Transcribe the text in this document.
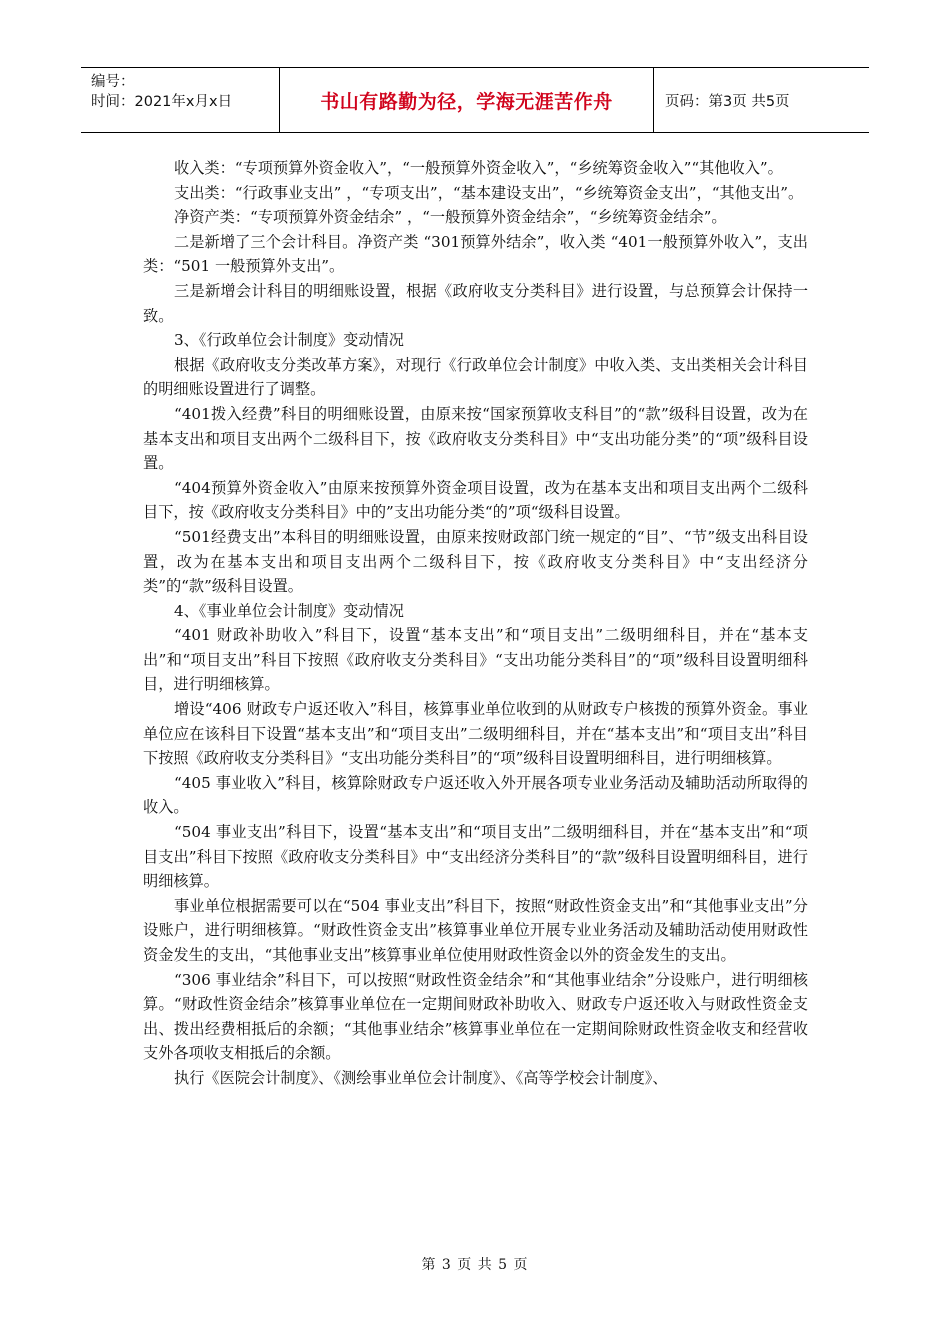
编号：
时间：2021年x月x日	书山有路勤为径，学海无涯苦作舟	页码：第3页 共5页

收入类：“专项预算外资金收入”，“一般预算外资金收入”，“乡统筹资金收入”“其他收入”。

支出类：“行政事业支出” ，“专项支出”，“基本建设支出”，“乡统筹资金支出”，“其他支出”。

净资产类：“专项预算外资金结余” ，“一般预算外资金结余”，“乡统筹资金结余”。

二是新增了三个会计科目。净资产类 “301预算外结余”，收入类 “401一般预算外收入”，支出类：“501 一般预算外支出”。

三是新增会计科目的明细账设置，根据《政府收支分类科目》进行设置，与总预算会计保持一致。

3、《行政单位会计制度》变动情况

根据《政府收支分类改革方案》，对现行《行政单位会计制度》中收入类、支出类相关会计科目的明细账设置进行了调整。

“401拨入经费”科目的明细账设置，由原来按“国家预算收支科目”的“款”级科目设置，改为在基本支出和项目支出两个二级科目下，按《政府收支分类科目》中“支出功能分类”的“项”级科目设置。

“404预算外资金收入”由原来按预算外资金项目设置，改为在基本支出和项目支出两个二级科目下，按《政府收支分类科目》中的”支出功能分类“的”项“级科目设置。

“501经费支出”本科目的明细账设置，由原来按财政部门统一规定的“目”、“节”级支出科目设置，改为在基本支出和项目支出两个二级科目下，按《政府收支分类科目》中“支出经济分类”的“款”级科目设置。

4、《事业单位会计制度》变动情况

“401 财政补助收入”科目下，设置“基本支出”和“项目支出”二级明细科目，并在“基本支出”和“项目支出”科目下按照《政府收支分类科目》“支出功能分类科目”的“项”级科目设置明细科目，进行明细核算。

增设“406 财政专户返还收入”科目，核算事业单位收到的从财政专户核拨的预算外资金。事业单位应在该科目下设置“基本支出”和“项目支出”二级明细科目，并在“基本支出”和“项目支出”科目下按照《政府收支分类科目》“支出功能分类科目”的“项”级科目设置明细科目，进行明细核算。

“405 事业收入”科目，核算除财政专户返还收入外开展各项专业业务活动及辅助活动所取得的收入。

“504 事业支出”科目下，设置“基本支出”和“项目支出”二级明细科目，并在“基本支出”和“项目支出”科目下按照《政府收支分类科目》中“支出经济分类科目”的“款”级科目设置明细科目，进行明细核算。

事业单位根据需要可以在“504 事业支出”科目下，按照“财政性资金支出”和“其他事业支出”分设账户，进行明细核算。“财政性资金支出”核算事业单位开展专业业务活动及辅助活动使用财政性资金发生的支出，“其他事业支出”核算事业单位使用财政性资金以外的资金发生的支出。

“306 事业结余”科目下，可以按照“财政性资金结余”和“其他事业结余”分设账户，进行明细核算。“财政性资金结余”核算事业单位在一定期间财政补助收入、财政专户返还收入与财政性资金支出、拨出经费相抵后的余额；“其他事业结余”核算事业单位在一定期间除财政性资金收支和经营收支外各项收支相抵后的余额。

执行《医院会计制度》、《测绘事业单位会计制度》、《高等学校会计制度》、

第 3 页 共 5 页
